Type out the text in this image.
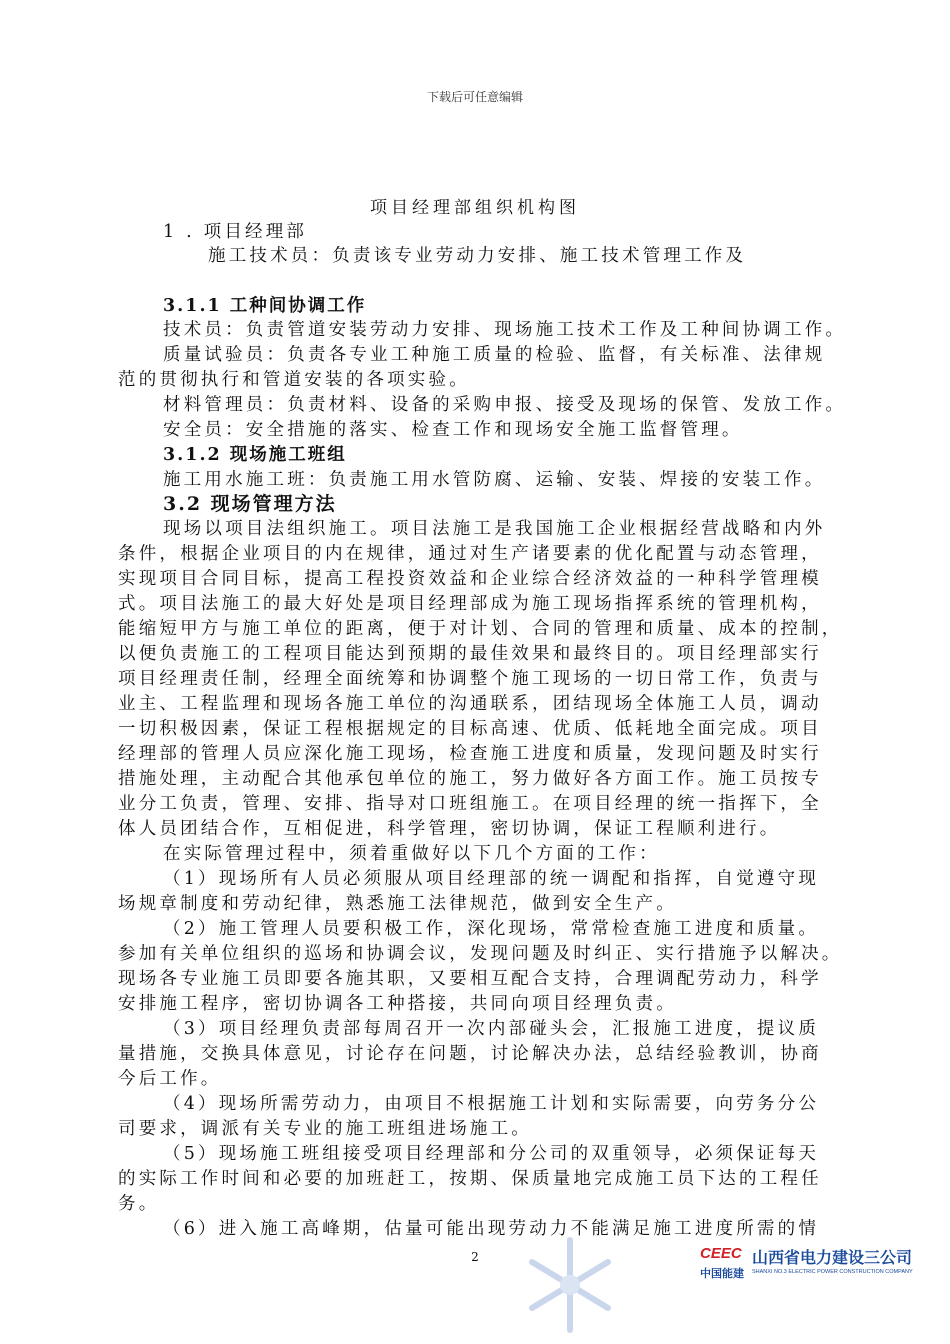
下载后可任意编辑
项目经理部组织机构图
1 . 项目经理部
施工技术员：负责该专业劳动力安排、施工技术管理工作及
3.1.1 工种间协调工作
技术员：负责管道安装劳动力安排、现场施工技术工作及工种间协调工作。
质量试验员：负责各专业工种施工质量的检验、监督，有关标准、法律规
范的贯彻执行和管道安装的各项实验。
材料管理员：负责材料、设备的采购申报、接受及现场的保管、发放工作。
安全员：安全措施的落实、检查工作和现场安全施工监督管理。
3.1.2 现场施工班组
施工用水施工班：负责施工用水管防腐、运输、安装、焊接的安装工作。
3.2 现场管理方法
现场以项目法组织施工。项目法施工是我国施工企业根据经营战略和内外
条件，根据企业项目的内在规律，通过对生产诸要素的优化配置与动态管理，
实现项目合同目标，提高工程投资效益和企业综合经济效益的一种科学管理模
式。项目法施工的最大好处是项目经理部成为施工现场指挥系统的管理机构，
能缩短甲方与施工单位的距离，便于对计划、合同的管理和质量、成本的控制，
以便负责施工的工程项目能达到预期的最佳效果和最终目的。项目经理部实行
项目经理责任制，经理全面统筹和协调整个施工现场的一切日常工作，负责与
业主、工程监理和现场各施工单位的沟通联系，团结现场全体施工人员，调动
一切积极因素，保证工程根据规定的目标高速、优质、低耗地全面完成。项目
经理部的管理人员应深化施工现场，检查施工进度和质量，发现问题及时实行
措施处理，主动配合其他承包单位的施工，努力做好各方面工作。施工员按专
业分工负责，管理、安排、指导对口班组施工。在项目经理的统一指挥下，全
体人员团结合作，互相促进，科学管理，密切协调，保证工程顺利进行。
在实际管理过程中，须着重做好以下几个方面的工作：
（1）现场所有人员必须服从项目经理部的统一调配和指挥，自觉遵守现
场规章制度和劳动纪律，熟悉施工法律规范，做到安全生产。
（2）施工管理人员要积极工作，深化现场，常常检查施工进度和质量。
参加有关单位组织的巡场和协调会议，发现问题及时纠正、实行措施予以解决。
现场各专业施工员即要各施其职，又要相互配合支持，合理调配劳动力，科学
安排施工程序，密切协调各工种搭接，共同向项目经理负责。
（3）项目经理负责部每周召开一次内部碰头会，汇报施工进度，提议质
量措施，交换具体意见，讨论存在问题，讨论解决办法，总结经验教训，协商
今后工作。
（4）现场所需劳动力，由项目不根据施工计划和实际需要，向劳务分公
司要求，调派有关专业的施工班组进场施工。
（5）现场施工班组接受项目经理部和分公司的双重领导，必须保证每天
的实际工作时间和必要的加班赶工，按期、保质量地完成施工员下达的工程任
务。
（6）进入施工高峰期，估量可能出现劳动力不能满足施工进度所需的情
2	CEEC
中国能建
山西省电力建设三公司
SHANXI NO.3 ELECTRIC POWER CONSTRUCTION COMPANY
